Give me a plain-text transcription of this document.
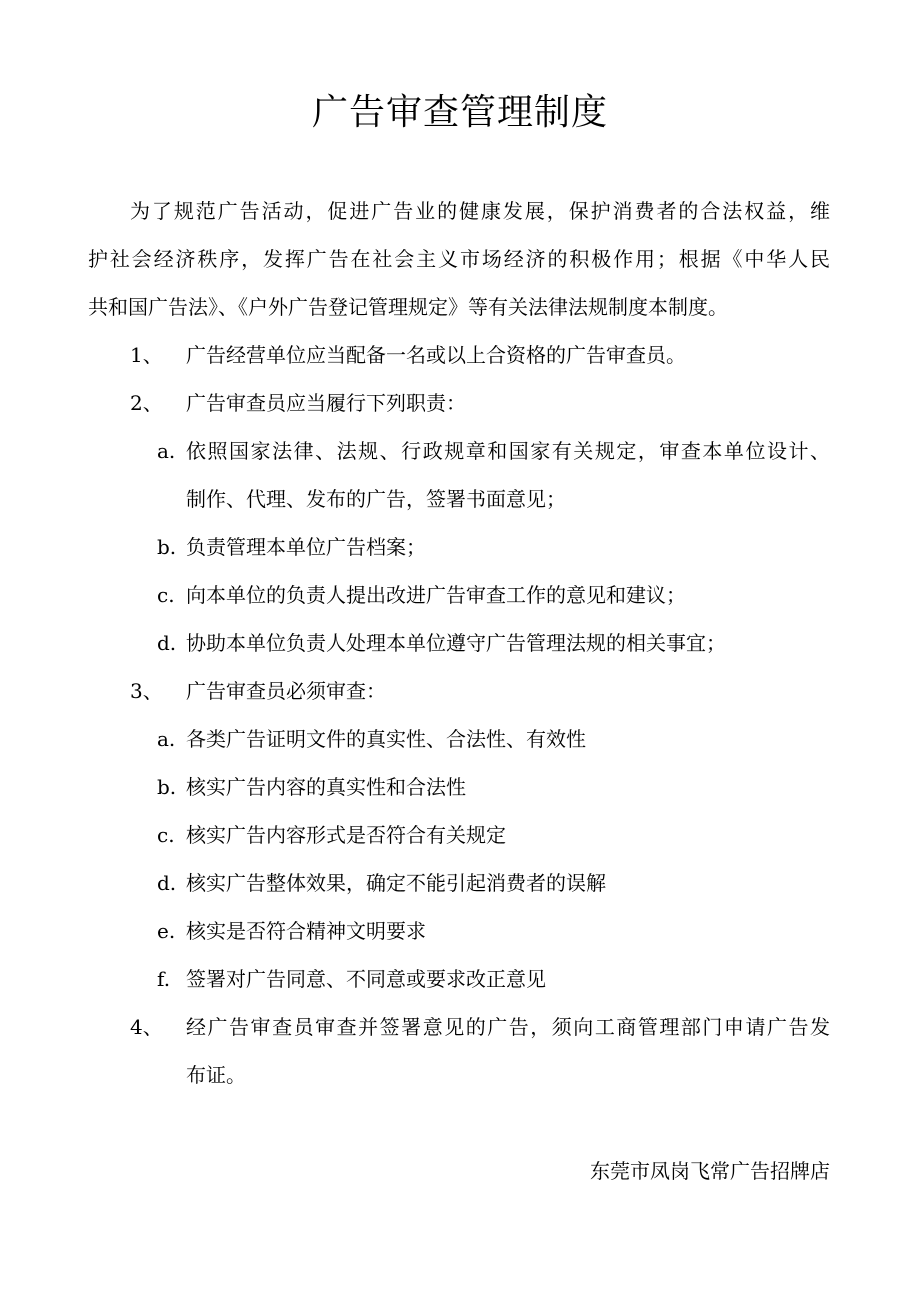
广告审查管理制度
为了规范广告活动，促进广告业的健康发展，保护消费者的合法权益，维
护社会经济秩序，发挥广告在社会主义市场经济的积极作用；根据《中华人民
共和国广告法》、《户外广告登记管理规定》等有关法律法规制度本制度。
1、 广告经营单位应当配备一名或以上合资格的广告审查员。
2、 广告审查员应当履行下列职责：
a. 依照国家法律、法规、行政规章和国家有关规定，审查本单位设计、
制作、代理、发布的广告，签署书面意见；
b. 负责管理本单位广告档案；
c. 向本单位的负责人提出改进广告审查工作的意见和建议；
d. 协助本单位负责人处理本单位遵守广告管理法规的相关事宜；
3、 广告审查员必须审查：
a. 各类广告证明文件的真实性、合法性、有效性
b. 核实广告内容的真实性和合法性
c. 核实广告内容形式是否符合有关规定
d. 核实广告整体效果，确定不能引起消费者的误解
e. 核实是否符合精神文明要求
f. 签署对广告同意、不同意或要求改正意见
4、 经广告审查员审查并签署意见的广告，须向工商管理部门申请广告发
布证。
东莞市凤岗飞常广告招牌店
